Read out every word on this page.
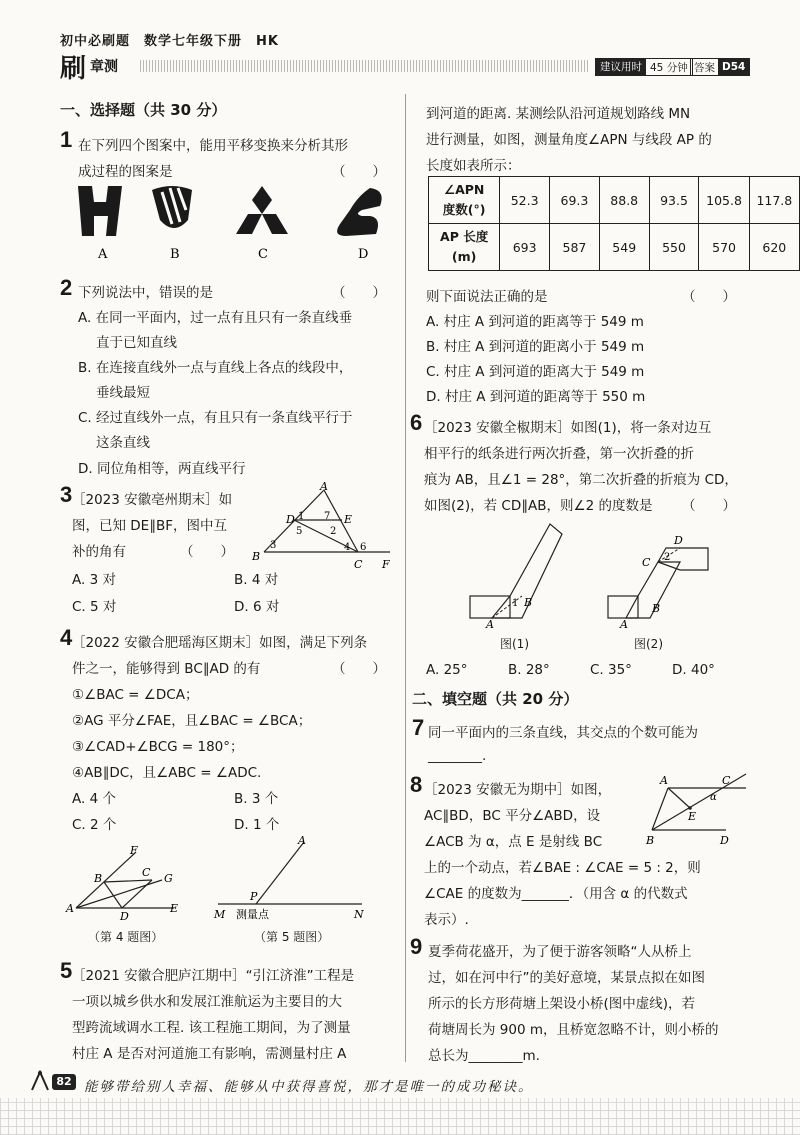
初中必刷题　数学七年级下册　HK
刷 章测	建议用时 45 分钟 答案 D54
一、选择题（共 30 分）
1 在下列四个图案中，能用平移变换来分析其形
成过程的图案是	（　　）
A	B	C	D
2 下列说法中，错误的是	（　　）
A. 在同一平面内，过一点有且只有一条直线垂
直于已知直线
B. 在连接直线外一点与直线上各点的线段中，
垂线最短
C. 经过直线外一点，有且只有一条直线平行于
这条直线
D. 同位角相等，两直线平行
3 ［2023 安徽亳州期末］如
图，已知 DE∥BF，图中互
补的角有	（　　）
A. 3 对	B. 4 对
C. 5 对	D. 6 对
A
B
C
D	E
F
1
2
3	4
5
6
7
4 ［2022 安徽合肥瑶海区期末］如图，满足下列条
件之一，能够得到 BC∥AD 的有	（　　）
①∠BAC = ∠DCA；
②AG 平分∠FAE，且∠BAC = ∠BCA；
③∠CAD+∠BCG = 180°；
④AB∥DC，且∠ABC = ∠ADC.
A. 4 个	B. 3 个
C. 2 个	D. 1 个
A
B	C
D
E
F
G
A
P
M	N
测量点
（第 4 题图）	（第 5 题图）
5 ［2021 安徽合肥庐江期中］“引江济淮”工程是
一项以城乡供水和发展江淮航运为主要目的大
型跨流域调水工程. 该工程施工期间，为了测量
村庄 A 是否对河道施工有影响，需测量村庄 A
到河道的距离. 某测绘队沿河道规划路线 MN
进行测量，如图，测量角度∠APN 与线段 AP 的
长度如表所示：
∠APN
度数(°)	52.3	69.3	88.8	93.5	105.8	117.8

AP 长度
(m)	693	587	549	550	570	620
则下面说法正确的是	（　　）
A. 村庄 A 到河道的距离等于 549 m
B. 村庄 A 到河道的距离小于 549 m
C. 村庄 A 到河道的距离大于 549 m
D. 村庄 A 到河道的距离等于 550 m
6 ［2023 安徽全椒期末］如图(1)，将一条对边互
相平行的纸条进行两次折叠，第一次折叠的折
痕为 AB，且∠1 = 28°，第二次折叠的折痕为 CD，
如图(2)，若 CD∥AB，则∠2 的度数是 （　　）
A
B
1
A
B
C
D
2
图(1)	图(2)
A. 25°	B. 28°	C. 35°	D. 40°
二、填空题（共 20 分）
7 同一平面内的三条直线，其交点的个数可能为
________.
8 ［2023 安徽无为期中］如图，
AC∥BD，BC 平分∠ABD，设
∠ACB 为 α，点 E 是射线 BC
上的一个动点，若∠BAE : ∠CAE = 5 : 2，则
∠CAE 的度数为_______．（用含 α 的代数式
表示）.
A
B
C
D
E
α
9 夏季荷花盛开，为了便于游客领略“人从桥上
过，如在河中行”的美好意境，某景点拟在如图
所示的长方形荷塘上架设小桥(图中虚线)，若
荷塘周长为 900 m，且桥宽忽略不计，则小桥的
总长为________m.
82 能够带给别人幸福、能够从中获得喜悦，那才是唯一的成功秘诀。
